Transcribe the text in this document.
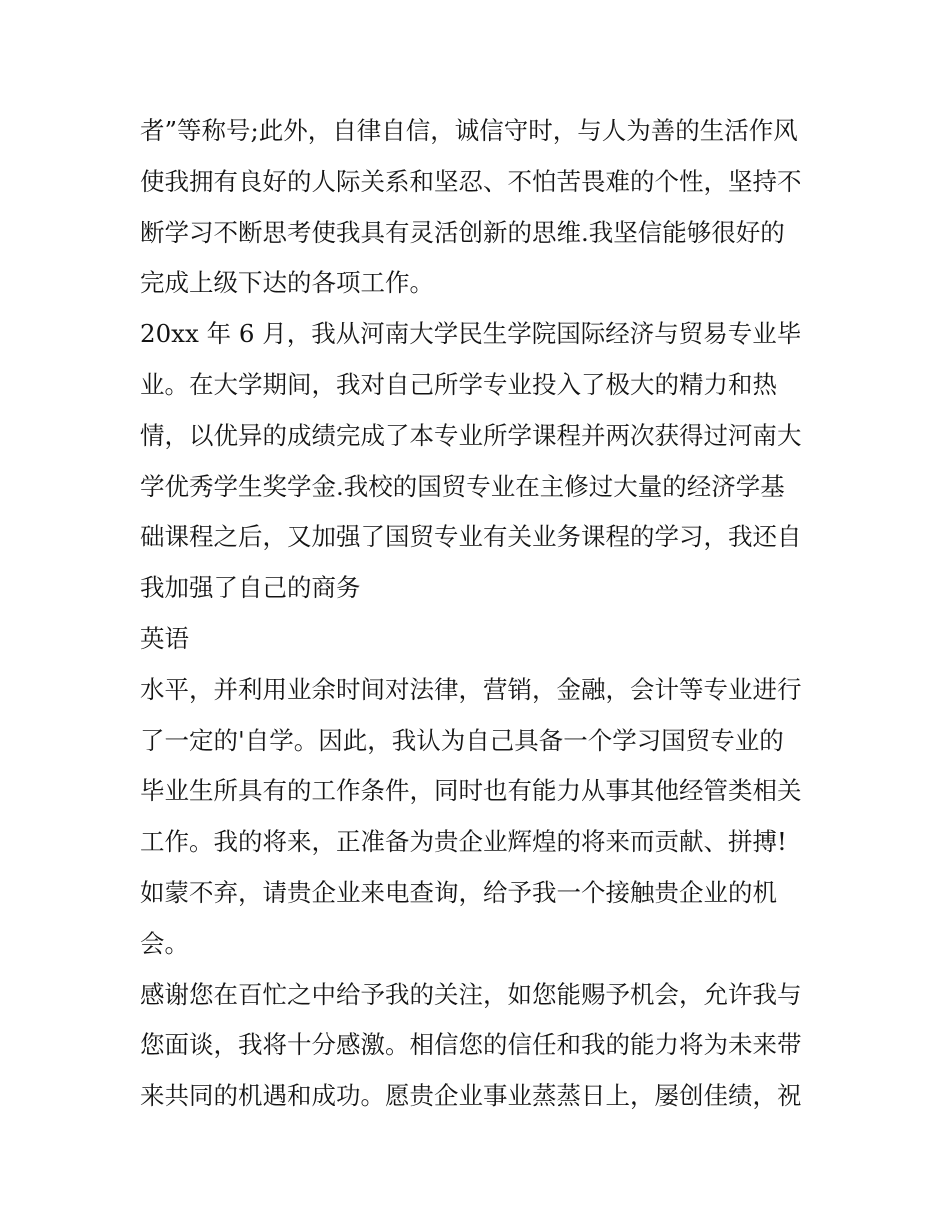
者”等称号;此外，自律自信，诚信守时，与人为善的生活作风
使我拥有良好的人际关系和坚忍、不怕苦畏难的个性，坚持不
断学习不断思考使我具有灵活创新的思维.我坚信能够很好的
完成上级下达的各项工作。

20xx 年 6 月，我从河南大学民生学院国际经济与贸易专业毕
业。在大学期间，我对自己所学专业投入了极大的精力和热
情，以优异的成绩完成了本专业所学课程并两次获得过河南大
学优秀学生奖学金.我校的国贸专业在主修过大量的经济学基
础课程之后，又加强了国贸专业有关业务课程的学习，我还自
我加强了自己的商务

英语

水平，并利用业余时间对法律，营销，金融，会计等专业进行
了一定的'自学。因此，我认为自己具备一个学习国贸专业的
毕业生所具有的工作条件，同时也有能力从事其他经管类相关
工作。我的将来，正准备为贵企业辉煌的将来而贡献、拼搏!
如蒙不弃，请贵企业来电查询，给予我一个接触贵企业的机
会。

感谢您在百忙之中给予我的关注，如您能赐予机会，允许我与
您面谈，我将十分感激。相信您的信任和我的能力将为未来带
来共同的机遇和成功。愿贵企业事业蒸蒸日上，屡创佳绩，祝
